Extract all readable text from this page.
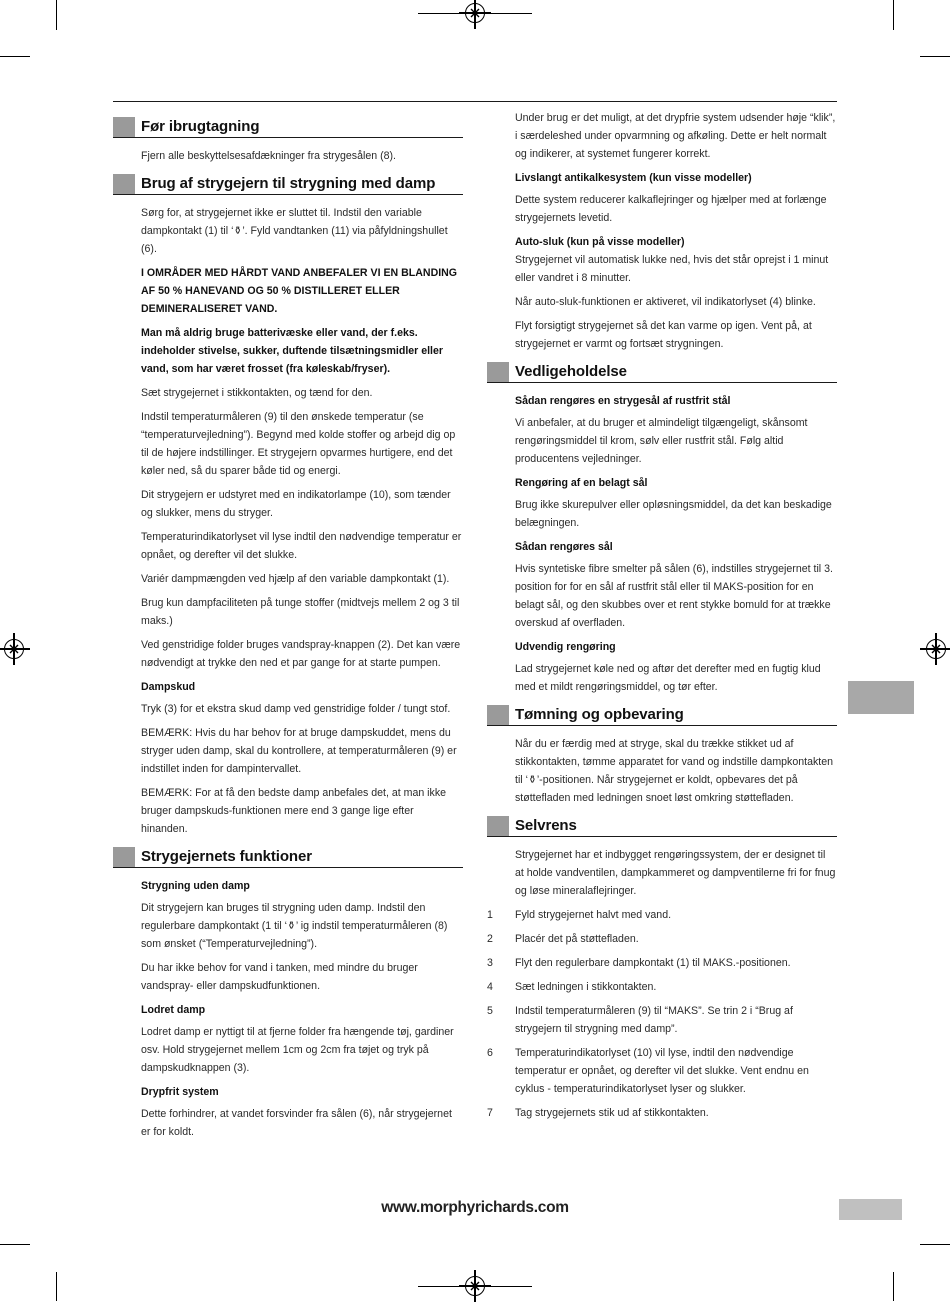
Før ibrugtagning

Fjern alle beskyttelsesafdækninger fra strygesålen (8).

Brug af strygejern til strygning med damp

Sørg for, at strygejernet ikke er sluttet til. Indstil den variable dampkontakt (1) til ‘⚱’. Fyld vandtanken (11) via påfyldningshullet (6).

I OMRÅDER MED HÅRDT VAND ANBEFALER VI EN BLANDING AF 50 % HANEVAND OG 50 % DISTILLERET ELLER DEMINERALISERET VAND.

Man må aldrig bruge batterivæske eller vand, der f.eks. indeholder stivelse, sukker, duftende tilsætningsmidler eller vand, som har været frosset (fra køleskab/fryser).

Sæt strygejernet i stikkontakten, og tænd for den.

Indstil temperaturmåleren (9) til den ønskede temperatur (se “temperaturvejledning”). Begynd med kolde stoffer og arbejd dig op til de højere indstillinger. Et strygejern opvarmes hurtigere, end det køler ned, så du sparer både tid og energi.

Dit strygejern er udstyret med en indikatorlampe (10), som tænder og slukker, mens du stryger.

Temperaturindikatorlyset vil lyse indtil den nødvendige temperatur er opnået, og derefter vil det slukke.

Variér dampmængden ved hjælp af den variable dampkontakt (1).

Brug kun dampfaciliteten på tunge stoffer (midtvejs mellem 2 og 3 til maks.)

Ved genstridige folder bruges vandspray-knappen (2). Det kan være nødvendigt at trykke den ned et par gange for at starte pumpen.

Dampskud

Tryk (3) for et ekstra skud damp ved genstridige folder / tungt stof.

BEMÆRK: Hvis du har behov for at bruge dampskuddet, mens du stryger uden damp, skal du kontrollere, at temperaturmåleren (9) er indstillet inden for dampintervallet.

BEMÆRK: For at få den bedste damp anbefales det, at man ikke bruger dampskuds-funktionen mere end 3 gange lige efter hinanden.

Strygejernets funktioner

Strygning uden damp

Dit strygejern kan bruges til strygning uden damp. Indstil den regulerbare dampkontakt (1 til ‘⚱’ ig indstil temperaturmåleren (8) som ønsket (“Temperaturvejledning”).

Du har ikke behov for vand i tanken, med mindre du bruger vandspray- eller dampskudfunktionen.

Lodret damp

Lodret damp er nyttigt til at fjerne folder fra hængende tøj, gardiner osv. Hold strygejernet mellem 1cm og 2cm fra tøjet og tryk på dampskudknappen (3).

Drypfrit system

Dette forhindrer, at vandet forsvinder fra sålen (6), når strygejernet er for koldt.

Under brug er det muligt, at det drypfrie system udsender høje “klik”, i særdeleshed under opvarmning og afkøling. Dette er helt normalt og indikerer, at systemet fungerer korrekt.

Livslangt antikalkesystem (kun visse modeller)

Dette system reducerer kalkaflejringer og hjælper med at forlænge strygejernets levetid.

Auto-sluk (kun på visse modeller)

Strygejernet vil automatisk lukke ned, hvis det står oprejst i 1 minut eller vandret i 8 minutter.

Når auto-sluk-funktionen er aktiveret, vil indikatorlyset (4) blinke.

Flyt forsigtigt strygejernet så det kan varme op igen. Vent på, at strygejernet er varmt og fortsæt strygningen.

Vedligeholdelse

Sådan rengøres en strygesål af rustfrit stål

Vi anbefaler, at du bruger et almindeligt tilgængeligt, skånsomt rengøringsmiddel til krom, sølv eller rustfrit stål. Følg altid producentens vejledninger.

Rengøring af en belagt sål

Brug ikke skurepulver eller opløsningsmiddel, da det kan beskadige belægningen.

Sådan rengøres sål

Hvis syntetiske fibre smelter på sålen (6), indstilles strygejernet til 3. position for for en sål af rustfrit stål eller til MAKS-position for en belagt sål, og den skubbes over et rent stykke bomuld for at trække overskud af overfladen.

Udvendig rengøring

Lad strygejernet køle ned og aftør det derefter med en fugtig klud med et mildt rengøringsmiddel, og tør efter.

Tømning og opbevaring

Når du er færdig med at stryge, skal du trække stikket ud af stikkontakten, tømme apparatet for vand og indstille dampkontakten til ‘⚱’-positionen. Når strygejernet er koldt, opbevares det på støttefladen med ledningen snoet løst omkring støttefladen.

Selvrens

Strygejernet har et indbygget rengøringssystem, der er designet til at holde vandventilen, dampkammeret og dampventilerne fri for fnug og løse mineralaflejringer.

1 Fyld strygejernet halvt med vand.
2 Placér det på støttefladen.
3 Flyt den regulerbare dampkontakt (1) til MAKS.-positionen.
4 Sæt ledningen i stikkontakten.
5 Indstil temperaturmåleren (9) til “MAKS”. Se trin 2 i “Brug af strygejern til strygning med damp”.
6 Temperaturindikatorlyset (10) vil lyse, indtil den nødvendige temperatur er opnået, og derefter vil det slukke. Vent endnu en cyklus - temperaturindikatorlyset lyser og slukker.
7 Tag strygejernets stik ud af stikkontakten.
www.morphyrichards.com
